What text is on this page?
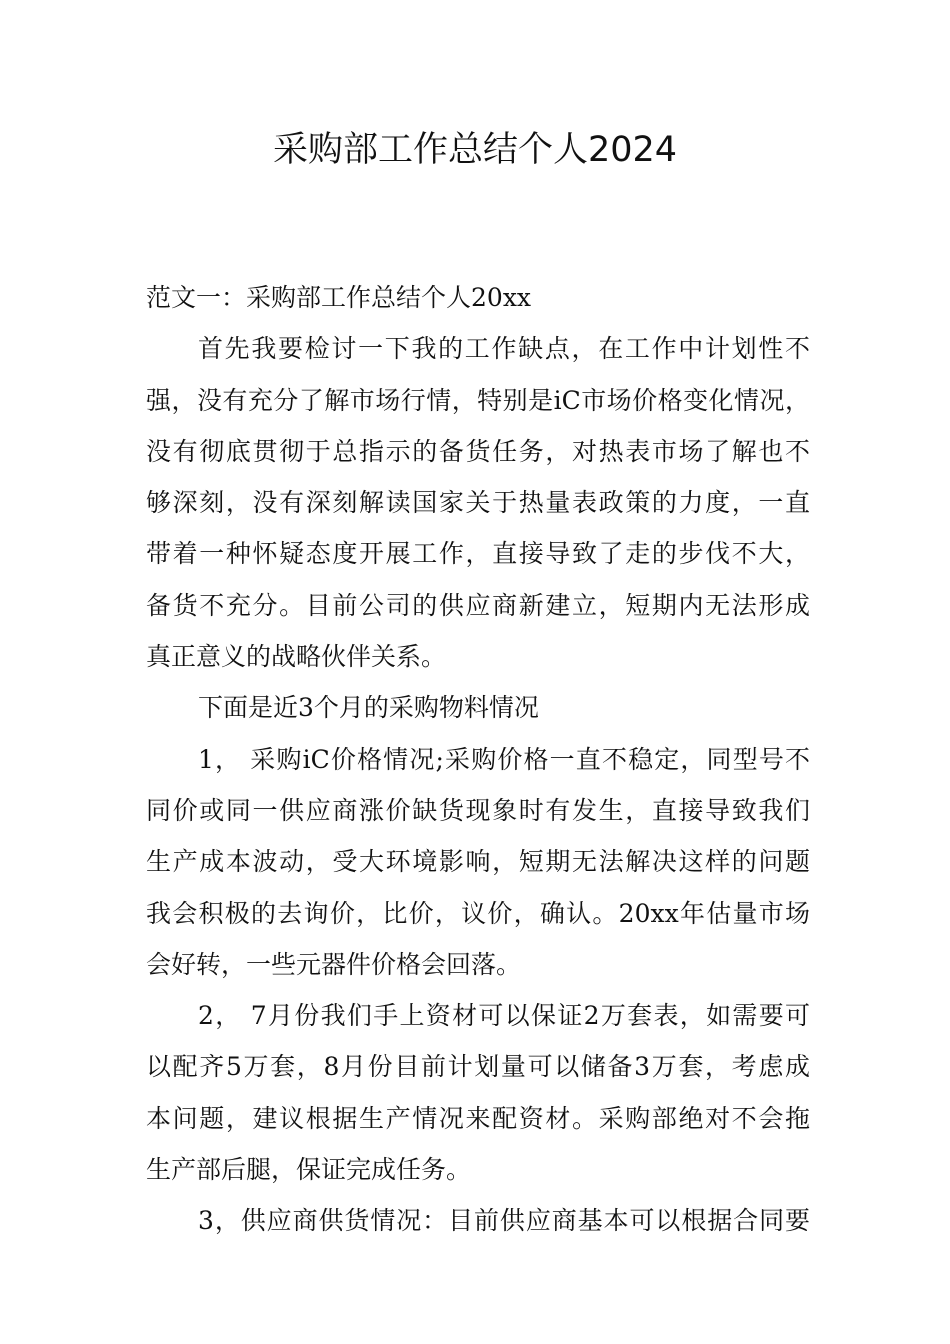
采购部工作总结个人2024
范文一：采购部工作总结个人20xx
首先我要检讨一下我的工作缺点，在工作中计划性不
强，没有充分了解市场行情，特别是iC市场价格变化情况，
没有彻底贯彻于总指示的备货任务，对热表市场了解也不
够深刻，没有深刻解读国家关于热量表政策的力度，一直
带着一种怀疑态度开展工作，直接导致了走的步伐不大，
备货不充分。目前公司的供应商新建立，短期内无法形成
真正意义的战略伙伴关系。
下面是近3个月的采购物料情况
1， 采购iC价格情况;采购价格一直不稳定，同型号不
同价或同一供应商涨价缺货现象时有发生，直接导致我们
生产成本波动，受大环境影响，短期无法解决这样的问题
我会积极的去询价，比价，议价，确认。20xx年估量市场
会好转，一些元器件价格会回落。
2， 7月份我们手上资材可以保证2万套表，如需要可
以配齐5万套，8月份目前计划量可以储备3万套，考虑成
本问题，建议根据生产情况来配资材。采购部绝对不会拖
生产部后腿，保证完成任务。
3，供应商供货情况：目前供应商基本可以根据合同要
